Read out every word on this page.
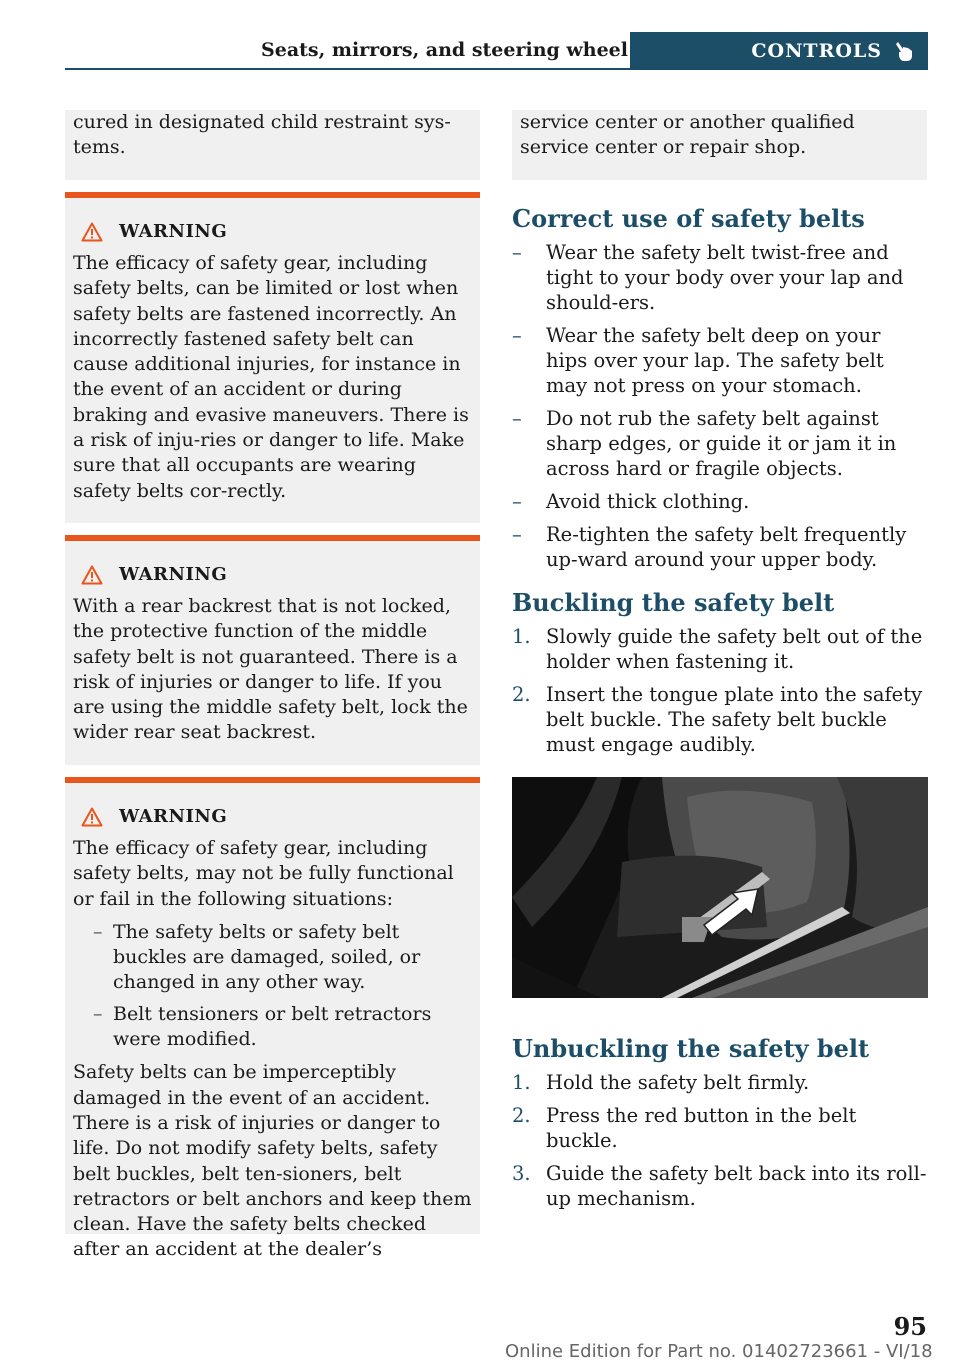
Seats, mirrors, and steering wheel	CONTROLS

cured in designated child restraint sys-tems.

WARNING

The efficacy of safety gear, including safety belts, can be limited or lost when safety belts are fastened incorrectly. An incorrectly fastened safety belt can cause additional injuries, for instance in the event of an accident or during braking and evasive maneuvers. There is a risk of inju-ries or danger to life. Make sure that all occupants are wearing safety belts cor-rectly.

WARNING

With a rear backrest that is not locked, the protective function of the middle safety belt is not guaranteed. There is a risk of injuries or danger to life. If you are using the middle safety belt, lock the wider rear seat backrest.

WARNING

The efficacy of safety gear, including safety belts, may not be fully functional or fail in the following situations:

– The safety belts or safety belt buckles are damaged, soiled, or changed in any other way.
– Belt tensioners or belt retractors were modified.

Safety belts can be imperceptibly damaged in the event of an accident. There is a risk of injuries or danger to life. Do not modify safety belts, safety belt buckles, belt ten-sioners, belt retractors or belt anchors and keep them clean. Have the safety belts checked after an accident at the dealer’s

service center or another qualified service center or repair shop.

Correct use of safety belts
– Wear the safety belt twist-free and tight to your body over your lap and should-ers.
– Wear the safety belt deep on your hips over your lap. The safety belt may not press on your stomach.
– Do not rub the safety belt against sharp edges, or guide it or jam it in across hard or fragile objects.
– Avoid thick clothing.
– Re-tighten the safety belt frequently up-ward around your upper body.
Buckling the safety belt
1. Slowly guide the safety belt out of the holder when fastening it.
2. Insert the tongue plate into the safety belt buckle. The safety belt buckle must engage audibly.
Unbuckling the safety belt
1. Hold the safety belt firmly.
2. Press the red button in the belt buckle.
3. Guide the safety belt back into its roll-up mechanism.
95
Online Edition for Part no. 01402723661 - VI/18
